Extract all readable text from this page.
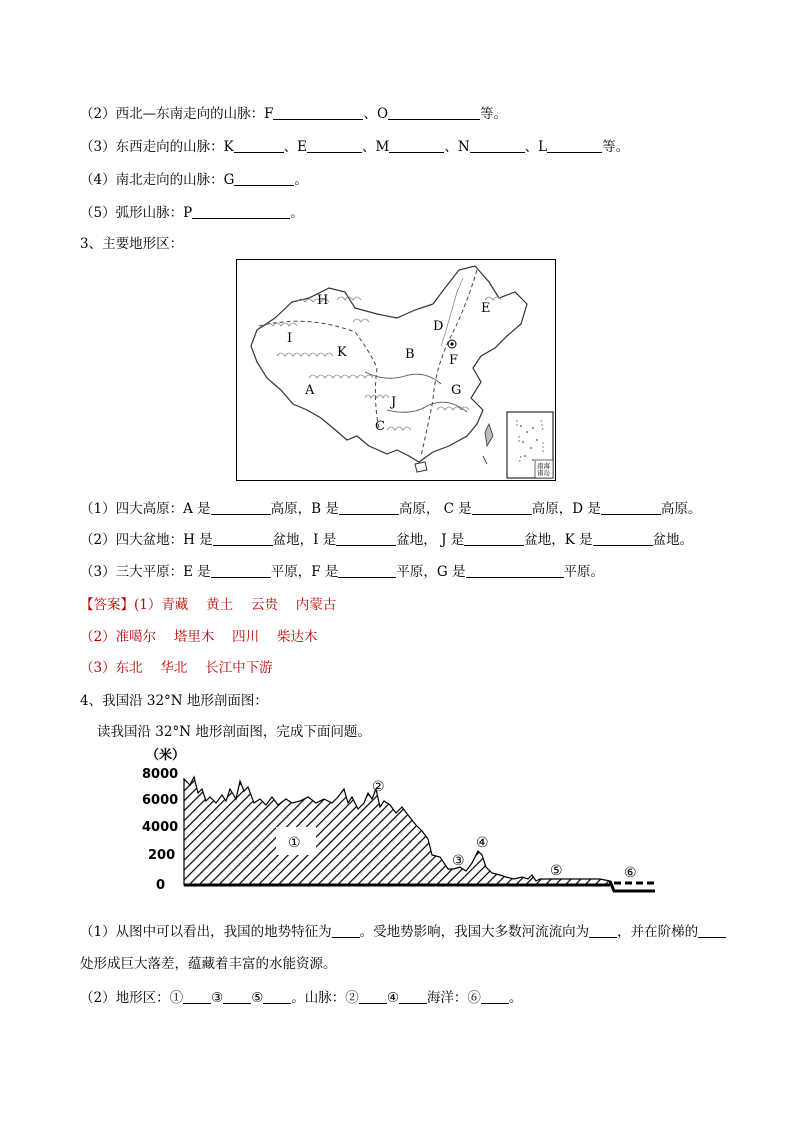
（2）西北—东南走向的山脉：F	、O	等。
（3）东西走向的山脉：K	、E	、M	、N	、L	等。
（4）南北走向的山脉：G	。
（5）弧形山脉：P	。
3、主要地形区：
H
E
D
I
K	B	F
A
J
G
C
南海
诸岛
（1）四大高原：A 是	高原，B 是	高原， C 是	高原，D 是	高原。
（2）四大盆地：H 是	盆地，I 是	盆地， J 是	盆地，K 是	盆地。
（3）三大平原：E 是	平原，F 是	平原，G 是	平原。
【答案】(1）青藏　 黄土　 云贵　 内蒙古
（2）准噶尔　 塔里木　 四川　 柴达木
（3）东北　 华北　 长江中下游
4、我国沿 32°N 地形剖面图：
读我国沿 32°N 地形剖面图，完成下面问题。
（米）
8000
6000
4000
200
0
①
②
③
④
⑤	⑥
（1）从图中可以看出，我国的地势特征为 。受地势影响，我国大多数河流流向为 ，并在阶梯的
处形成巨大落差，蕴藏着丰富的水能资源。
（2）地形区：① ③ ⑤ 。山脉：② ④ 海洋：⑥ 。
